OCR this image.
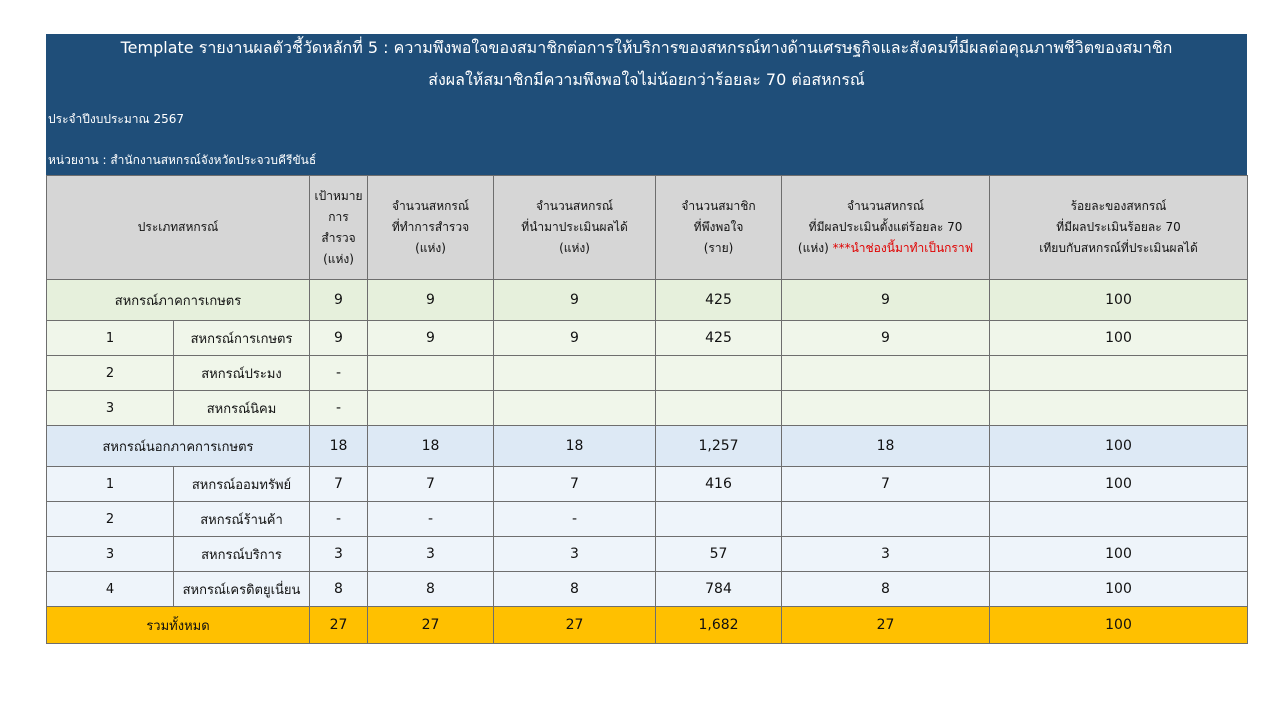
Template รายงานผลตัวชี้วัดหลักที่ 5 : ความพึงพอใจของสมาชิกต่อการให้บริการของสหกรณ์ทางด้านเศรษฐกิจและสังคมที่มีผลต่อคุณภาพชีวิตของสมาชิก
ส่งผลให้สมาชิกมีความพึงพอใจไม่น้อยกว่าร้อยละ 70 ต่อสหกรณ์
ประจำปีงบประมาณ 2567
หน่วยงาน : สำนักงานสหกรณ์จังหวัดประจวบคีรีขันธ์
ประเภทสหกรณ์		เป้าหมาย
การ
สำรวจ
(แห่ง)	จำนวนสหกรณ์
ที่ทำการสำรวจ
(แห่ง)	จำนวนสหกรณ์
ที่นำมาประเมินผลได้
(แห่ง)	จำนวนสมาชิก
ที่พึงพอใจ
(ราย)	จำนวนสหกรณ์
ที่มีผลประเมินตั้งแต่ร้อยละ 70
(แห่ง) ***นำช่องนี้มาทำเป็นกราฟ	ร้อยละของสหกรณ์
ที่มีผลประเมินร้อยละ 70
เทียบกับสหกรณ์ที่ประเมินผลได้

สหกรณ์ภาคการเกษตร		9	9	9	425	9	100
1	สหกรณ์การเกษตร	9	9	9	425	9	100
2	สหกรณ์ประมง	-					
3	สหกรณ์นิคม	-					
สหกรณ์นอกภาคการเกษตร		18	18	18	1,257	18	100
1	สหกรณ์ออมทรัพย์	7	7	7	416	7	100
2	สหกรณ์ร้านค้า	-	-	-			
3	สหกรณ์บริการ	3	3	3	57	3	100
4	สหกรณ์เครดิตยูเนี่ยน	8	8	8	784	8	100
รวมทั้งหมด		27	27	27	1,682	27	100
